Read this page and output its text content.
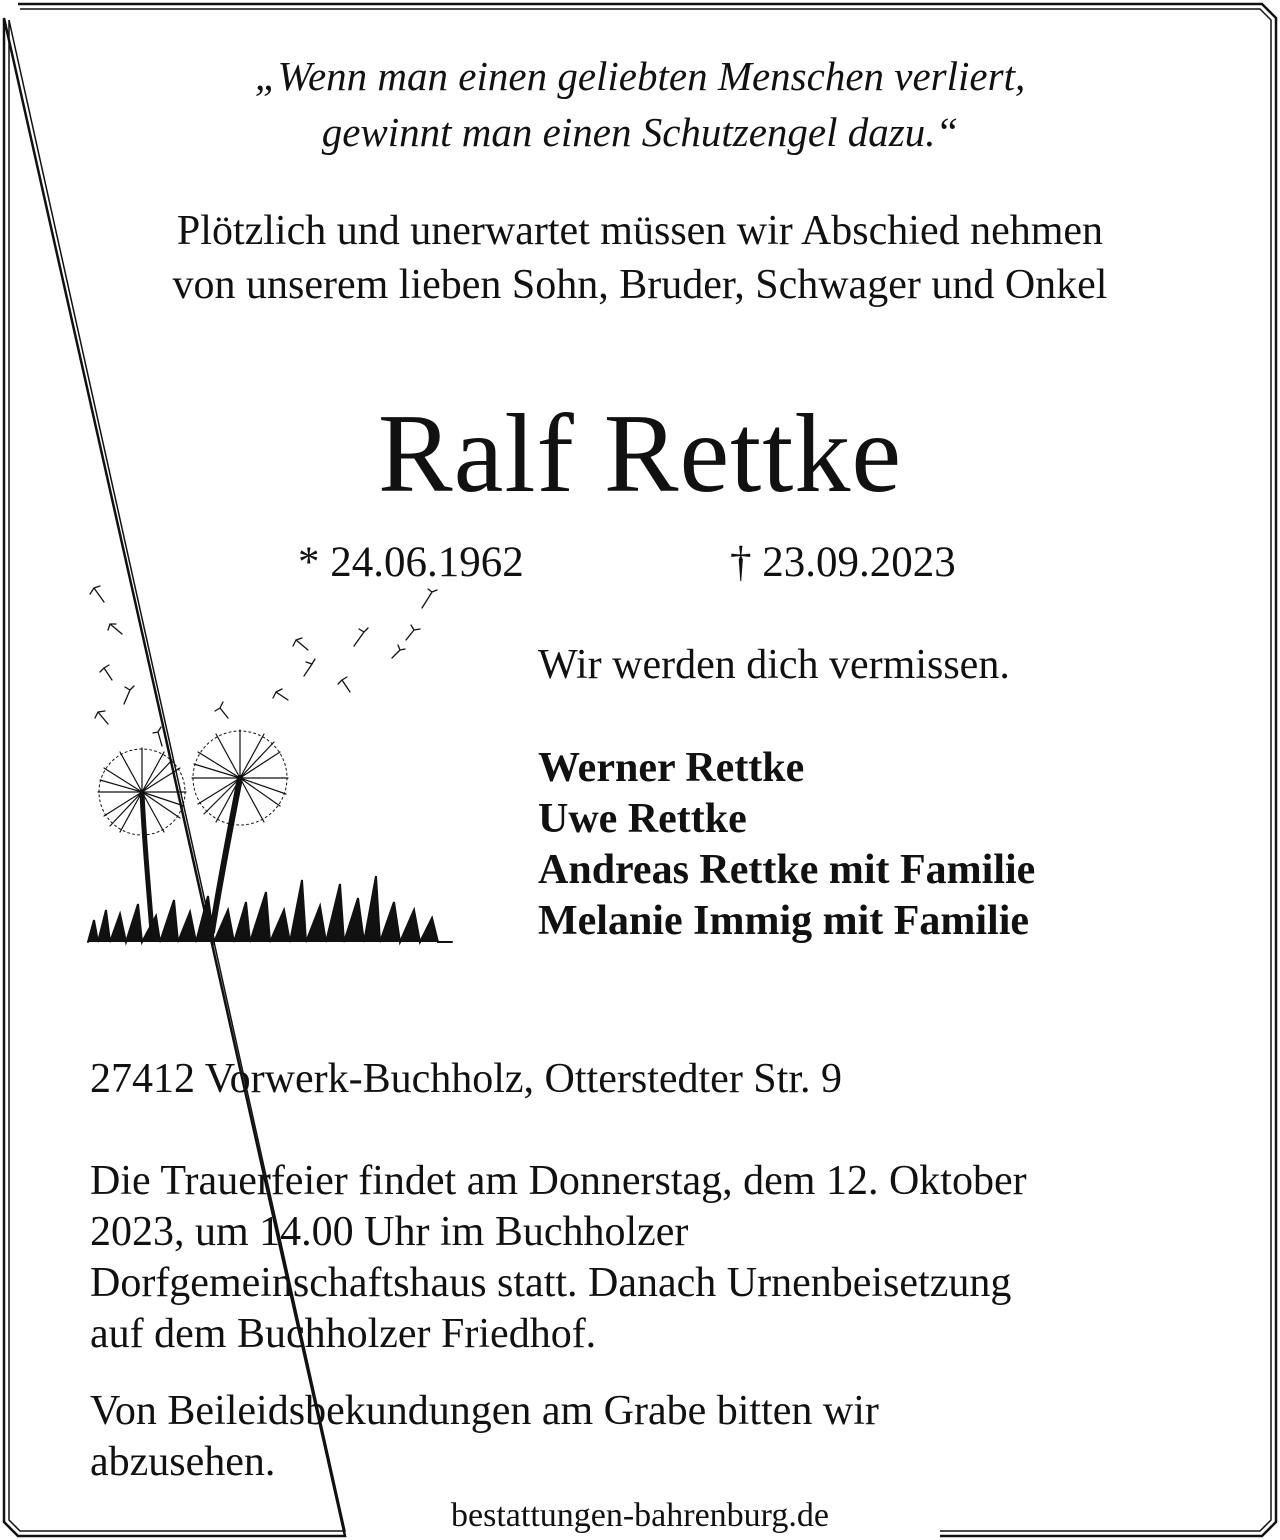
„Wenn man einen geliebten Menschen verliert,
gewinnt man einen Schutzengel dazu.“
Plötzlich und unerwartet müssen wir Abschied nehmen
von unserem lieben Sohn, Bruder, Schwager und Onkel
Ralf Rettke
* 24.06.1962	† 23.09.2023
Wir werden dich vermissen.
Werner Rettke
Uwe Rettke
Andreas Rettke mit Familie
Melanie Immig mit Familie
27412 Vorwerk-Buchholz, Otterstedter Str. 9

Die Trauerfeier findet am Donnerstag, dem 12. Oktober

2023, um 14.00 Uhr im Buchholzer

Dorfgemeinschaftshaus statt. Danach Urnenbeisetzung

auf dem Buchholzer Friedhof.

Von Beileidsbekundungen am Grabe bitten wir

abzusehen.

bestattungen-bahrenburg.de
